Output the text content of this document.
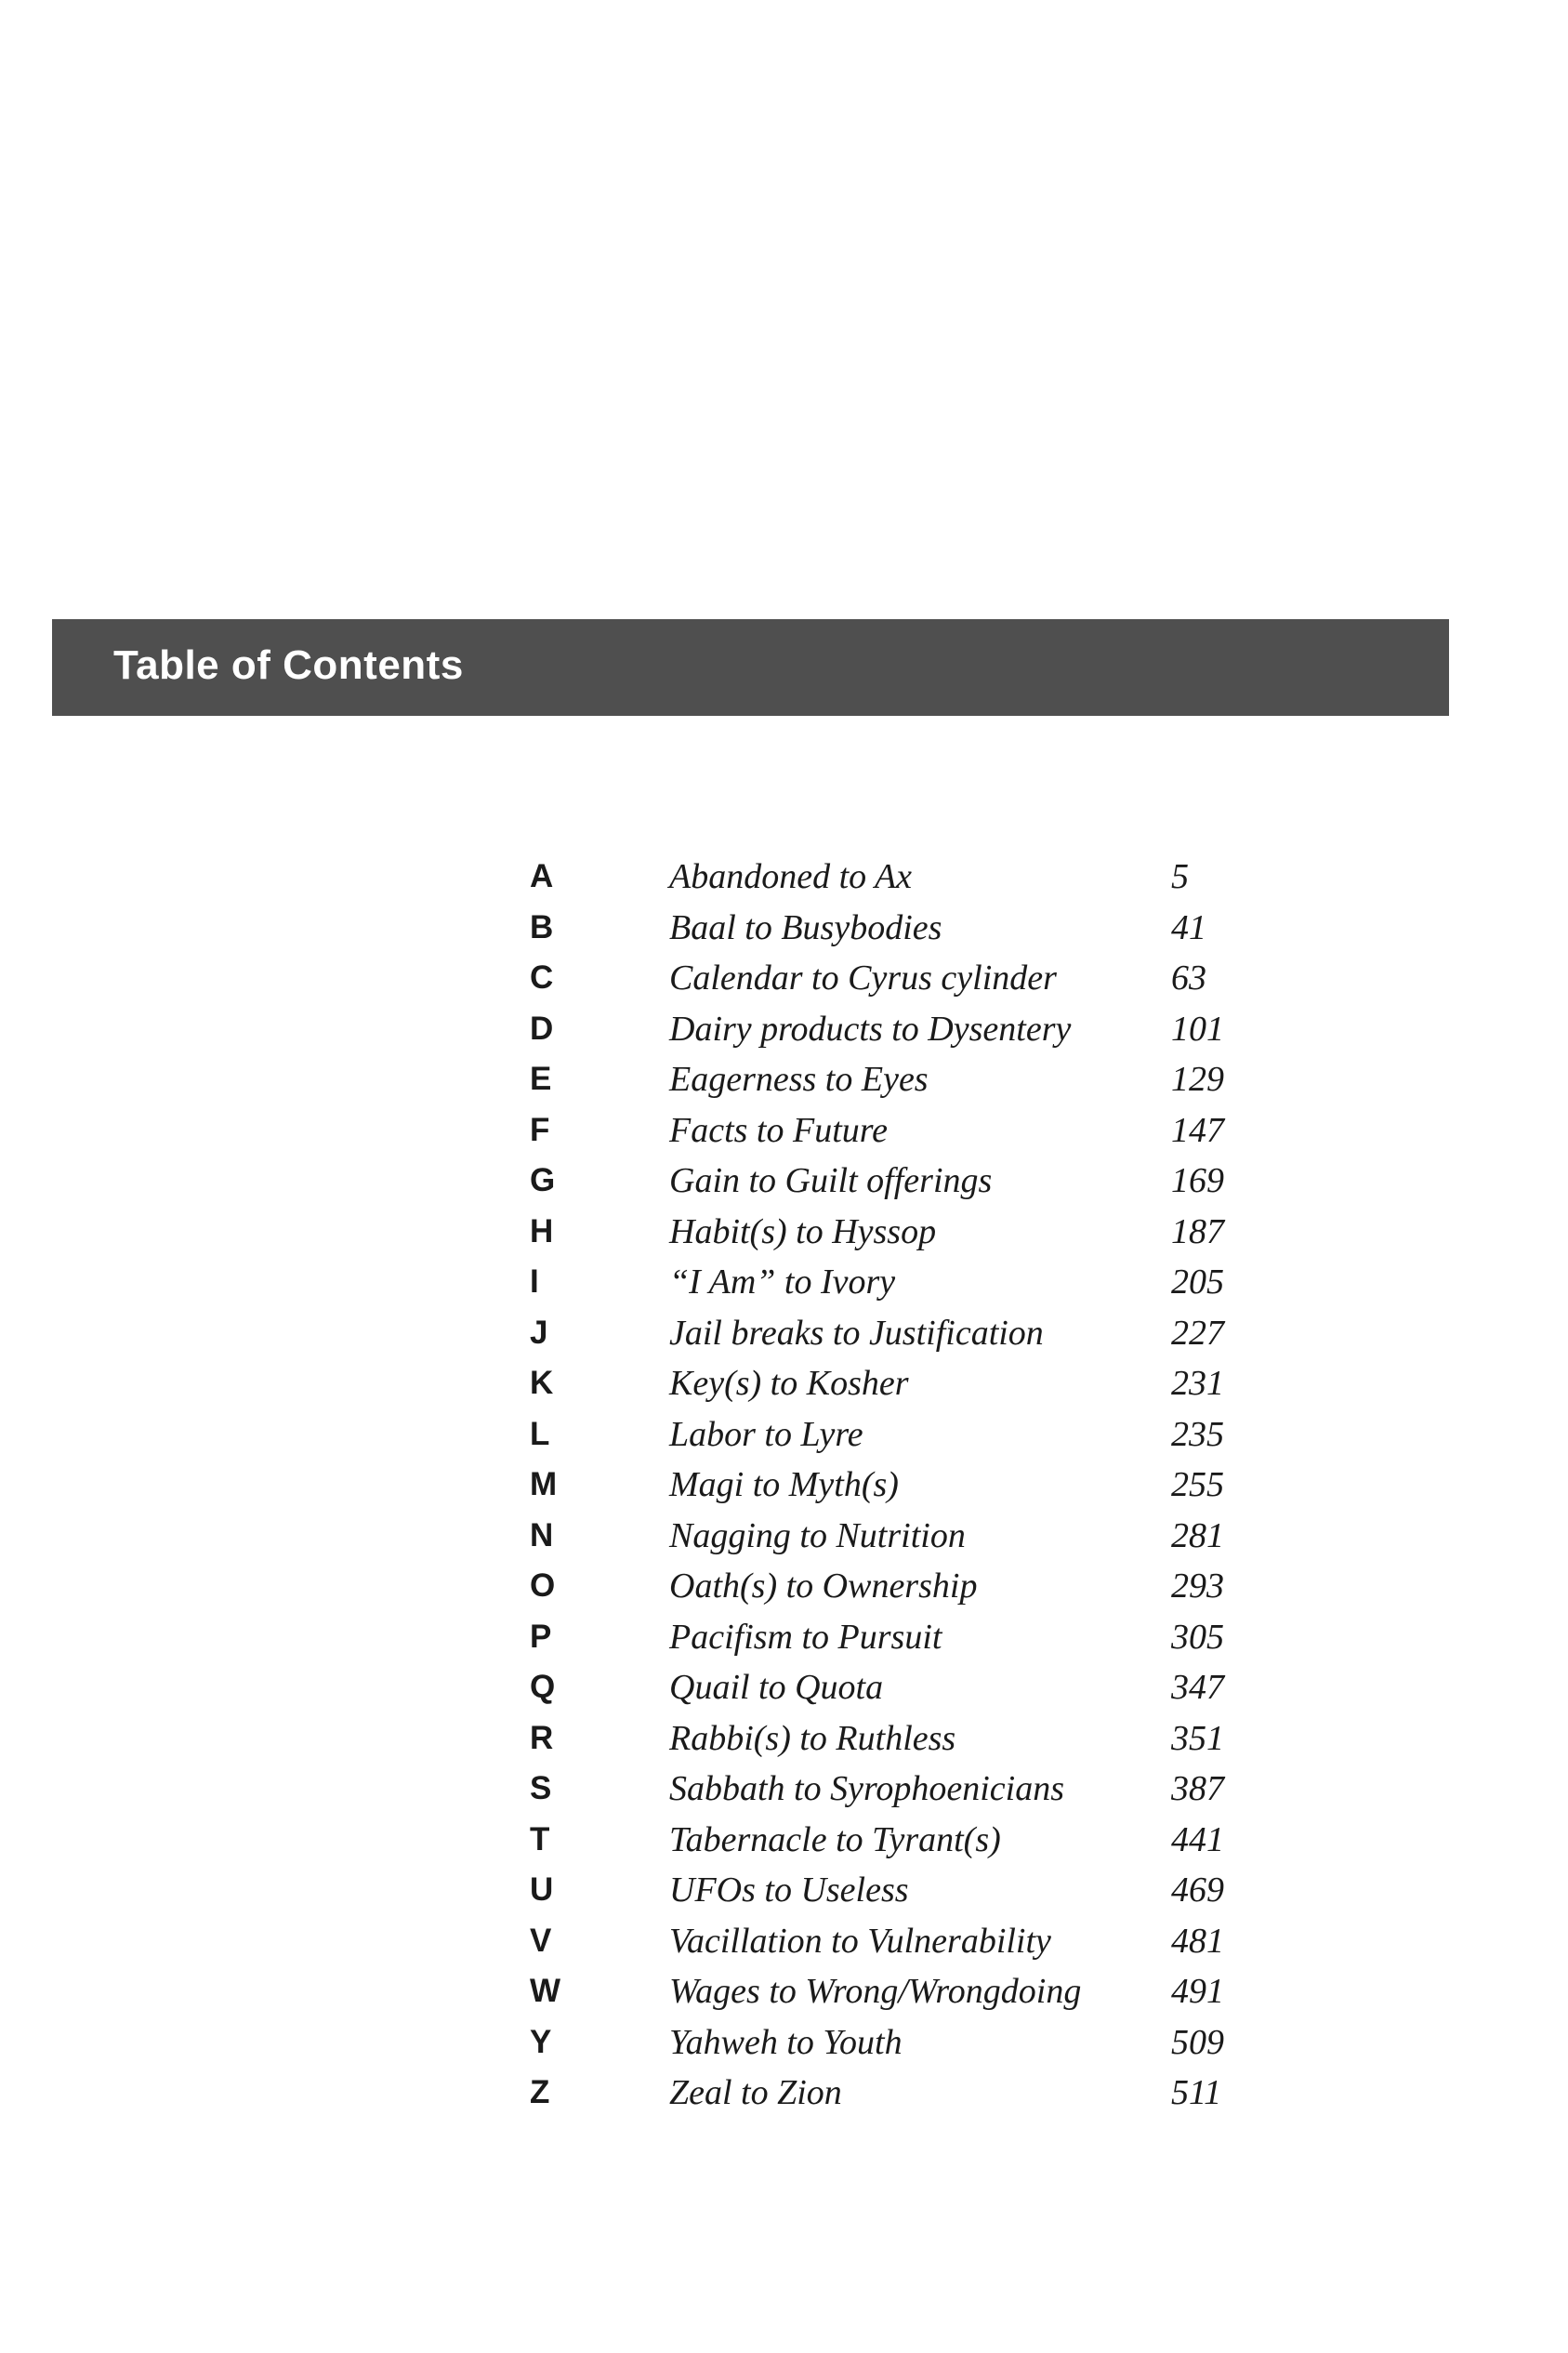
Table of Contents
A	Abandoned to Ax	5
B	Baal to Busybodies	41
C	Calendar to Cyrus cylinder	63
D	Dairy products to Dysentery	101
E	Eagerness to Eyes	129
F	Facts to Future	147
G	Gain to Guilt offerings	169
H	Habit(s) to Hyssop	187
I	“I Am” to Ivory	205
J	Jail breaks to Justification	227
K	Key(s) to Kosher	231
L	Labor to Lyre	235
M	Magi to Myth(s)	255
N	Nagging to Nutrition	281
O	Oath(s) to Ownership	293
P	Pacifism to Pursuit	305
Q	Quail to Quota	347
R	Rabbi(s) to Ruthless	351
S	Sabbath to Syrophoenicians	387
T	Tabernacle to Tyrant(s)	441
U	UFOs to Useless	469
V	Vacillation to Vulnerability	481
W	Wages to Wrong/Wrongdoing	491
Y	Yahweh to Youth	509
Z	Zeal to Zion	511
